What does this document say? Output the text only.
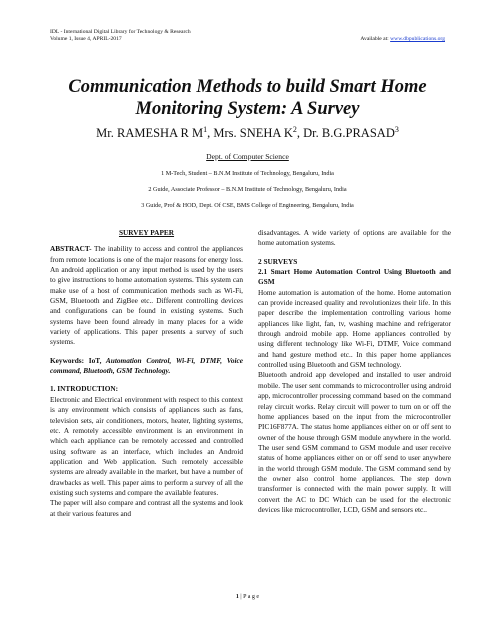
IDL - International Digital Library for Technology & Research
Volume 1, Issue 4, APRIL-2017	Available at: www.dbpublications.org
Communication Methods to build Smart Home Monitoring System: A Survey
Mr. RAMESHA R $M^1$, Mrs. SNEHA $K^2$, Dr. B.G.PRASAD$^3$
Dept. of Computer Science
1 M-Tech, Student – B.N.M Institute of Technology, Bengaluru, India
2 Guide, Associate Professor – B.N.M Institute of Technology, Bengaluru, India
3 Guide, Prof & HOD, Dept. Of CSE, BMS College of Engineering, Bengaluru, India
SURVEY PAPER

ABSTRACT- The inability to access and control the appliances from remote locations is one of the major reasons for energy loss. An android application or any input method is used by the users to give instructions to home automation systems. This system can make use of a host of communication methods such as Wi-Fi, GSM, Bluetooth and ZigBee etc.. Different controlling devices and configurations can be found in existing systems. Such systems have been found already in many places for a wide variety of applications. This paper presents a survey of such systems.

Keywords: IoT, Automation Control, Wi-Fi, DTMF, Voice command, Bluetooth, GSM Technology.

1. INTRODUCTION:

Electronic and Electrical environment with respect to this context is any environment which consists of appliances such as fans, television sets, air conditioners, motors, heater, lighting systems, etc. A remotely accessible environment is an environment in which each appliance can be remotely accessed and controlled using software as an interface, which includes an Android application and Web application. Such remotely accessible systems are already available in the market, but have a number of drawbacks as well. This paper aims to perform a survey of all the existing such systems and compare the available features.

The paper will also compare and contrast all the systems and look at their various features and

disadvantages. A wide variety of options are available for the home automation systems.

2 SURVEYS

2.1 Smart Home Automation Control Using Bluetooth and GSM

Home automation is automation of the home. Home automation can provide increased quality and revolutionizes their life. In this paper describe the implementation controlling various home appliances like light, fan, tv, washing machine and refrigerator through android mobile app. Home appliances controlled by using different technology like Wi-Fi, DTMF, Voice command and hand gesture method etc.. In this paper home appliances controlled using Bluetooth and GSM technology.

Bluetooth android app developed and installed to user android mobile. The user sent commands to microcontroller using android app, microcontroller processing command based on the command relay circuit works. Relay circuit will power to turn on or off the home appliances based on the input from the microcontroller PIC16F877A. The status home appliances either on or off sent to owner of the house through GSM module anywhere in the world. The user send GSM command to GSM module and user receive status of home appliances either on or off send to user anywhere in the world through GSM module. The GSM command send by the owner also control home appliances. The step down transformer is connected with the main power supply. It will convert the AC to DC Which can be used for the electronic devices like microcontroller, LCD, GSM and sensors etc..

1 | P a g e
